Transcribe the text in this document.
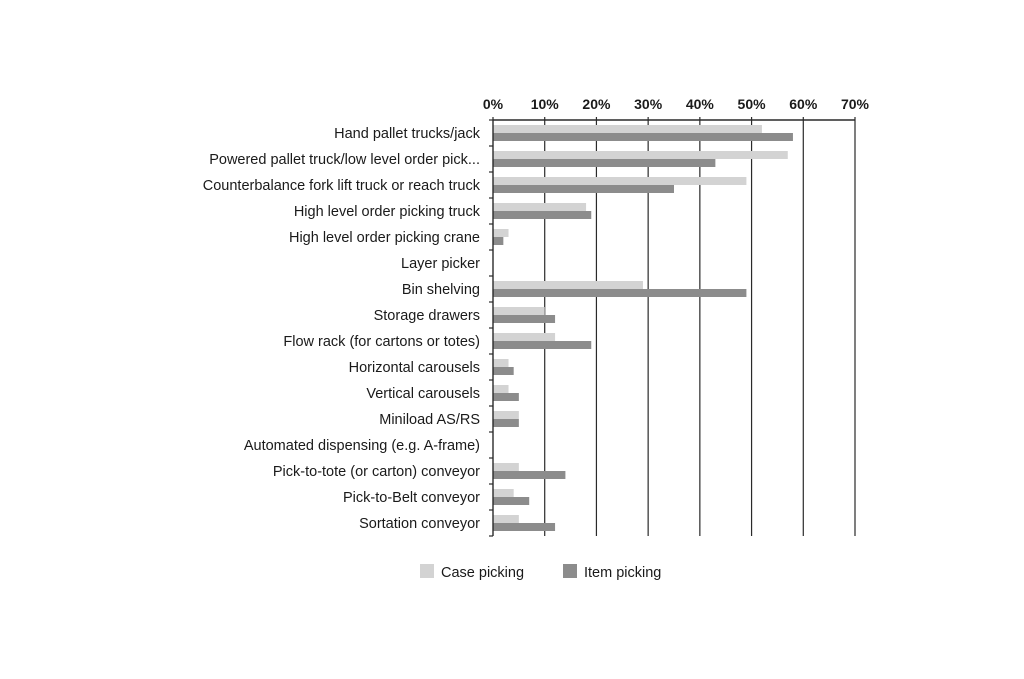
0% 10% 20% 30% 40% 50% 60% 70%
Hand pallet trucks/jack
Powered pallet truck/low level order pick...
Counterbalance fork lift truck or reach truck
High level order picking truck
High level order picking crane
Layer picker
Bin shelving
Storage drawers
Flow rack (for cartons or totes)
Horizontal carousels
Vertical carousels
Miniload AS/RS
Automated dispensing (e.g. A-frame)
Pick-to-tote (or carton) conveyor
Pick-to-Belt conveyor
Sortation conveyor
Case picking	Item picking
